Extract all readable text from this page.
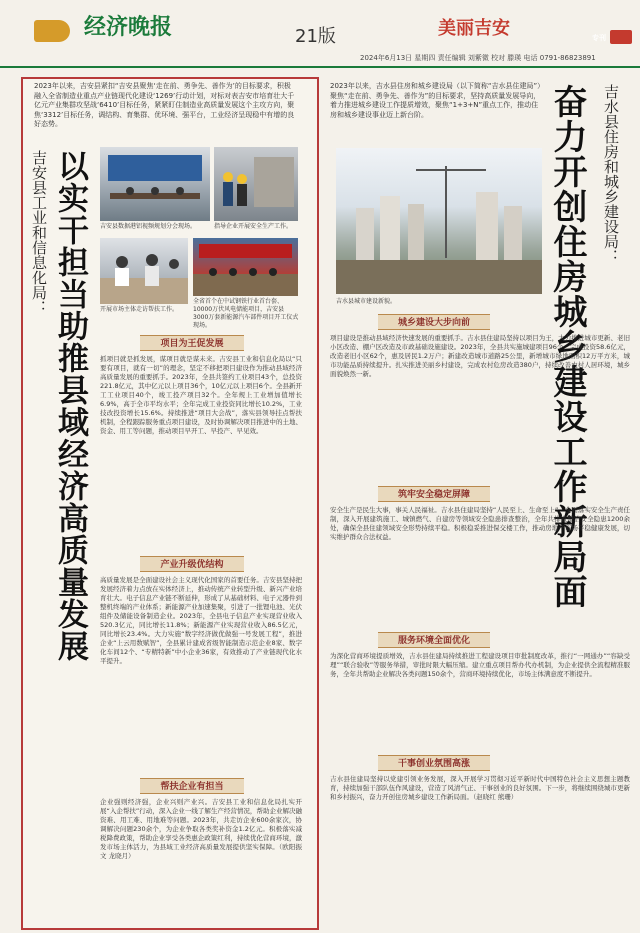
经济晚报	21版	美丽吉安	专刊
2024年6月13日 星期四 责任编辑 刘紫微 校对 滕瑛 电话 0791-86823891
2023年以来，吉安县紧扣“吉安县聚焦‘走在前、勇争先、善作为’的目标要求，积极融入全省制造业重点产业链现代化建设‘1269’行动计划，对标对表吉安市培育壮大千亿元产业集群攻坚战‘6410’目标任务，紧紧盯住制造业高质量发展这个主攻方向，聚焦‘3312’目标任务，调结构、育集群、优环境、强平台，工业经济呈现稳中有增的良好态势。
吉安县数据港铝视频规划分会现场。	指导企业开展安全生产工作。
开展市场主体走访帮扶工作。
全省首个在中试钢铁行业首台套、10000万伏风电储能项目，吉安县3000万套新能源汽车部件项目开工仪式现场。
以实干担当助推县域经济高质量发展
吉安县工业和信息化局：
项目为王促发展
抓项目就是抓发展，谋项目就是谋未来。吉安县工业和信息化局以“只要有项目，就有一切”的理念，坚定不移把项目建设作为推动县域经济高质量发展的重要抓手。2023年，全县共签约工业项目43个，总投资221.8亿元，其中亿元以上项目36个，10亿元以上项目6个。全县新开工工业项目40个，竣工投产项目32个。全年规上工业增加值增长6.9%，高于全市平均水平；全年完成工业投资同比增长10.2%，工业技改投资增长15.6%。持续推进“项目大会战”，落实县领导挂点帮扶机制，全程跟踪服务重点项目建设，及时协调解决项目推进中的土地、资金、用工等问题，推动项目早开工、早投产、早见效。
产业升级优结构
高质量发展是全面建设社会主义现代化国家的首要任务。吉安县坚持把发展经济着力点放在实体经济上，推动传统产业转型升级、新兴产业培育壮大。电子信息产业链不断延伸，形成了从基础材料、电子元器件到整机终端的产业体系；新能源产业加速集聚，引进了一批锂电池、光伏组件及储能设备制造企业。2023年，全县电子信息产业实现营业收入520.3亿元，同比增长11.8%；新能源产业实现营业收入86.5亿元，同比增长23.4%。大力实施“数字经济做优做强一号发展工程”，推进企业“上云用数赋智”，全县累计建成省级智能制造示范企业8家、数字化车间12个、“专精特新”中小企业36家，有效推动了产业链现代化水平提升。
帮扶企业有担当
企业强则经济强，企业兴则产业兴。吉安县工业和信息化局扎实开展“入企帮扶”行动，深入企业一线了解生产经营情况，帮助企业解决融资难、用工难、用地难等问题。2023年，共走访企业600余家次，协调解决问题230余个，为企业争取各类奖补资金1.2亿元。积极落实减税降费政策，帮助企业享受各类惠企政策红利，持续优化营商环境，激发市场主体活力，为县域工业经济高质量发展提供坚实保障。（欧阳振文 龙晓月）
2023年以来，吉水县住房和城乡建设局（以下简称“吉水县住建局”）聚焦“走在前、勇争先、善作为”的目标要求，坚持高质量发展导向，着力推进城乡建设工作提质增效，聚焦“1+3+N”重点工作，推动住房和城乡建设事业迈上新台阶。	吉水县住房和城乡建设局：
奋力开创住房城乡建设工作新局面
吉水县城市建设新貌。
城乡建设大步向前
项目建设是推动县域经济快速发展的重要抓手。吉水县住建局坚持以项目为王，大力推进城市更新、老旧小区改造、棚户区改造及市政基础设施建设。2023年，全县共实施城建项目96个，完成投资58.6亿元，改造老旧小区62个，惠及居民1.2万户；新建改造城市道路25公里，新增城市绿地面积12万平方米，城市功能品质持续提升。扎实推进美丽乡村建设，完成农村危房改造380户，持续改善农村人居环境，城乡面貌焕然一新。
筑牢安全稳定屏障
安全生产是民生大事，事关人民福祉。吉水县住建局坚持“人民至上、生命至上”，全面落实安全生产责任制，深入开展建筑施工、城镇燃气、自建房等领域安全隐患排查整治，全年共排查整治安全隐患1200余处，确保全县住建领域安全形势持续平稳。积极稳妥推进保交楼工作，推动房地产市场平稳健康发展，切实维护群众合法权益。
服务环境全面优化
为深化营商环境提质增效，吉水县住建局持续推进工程建设项目审批制度改革，推行“一网通办”“容缺受理”“联合验收”等服务举措，审批时限大幅压缩。建立重点项目帮办代办机制，为企业提供全流程精准服务，全年共帮助企业解决各类问题150余个，营商环境持续优化，市场主体满意度不断提升。
干事创业氛围高涨
吉水县住建局坚持以党建引领业务发展，深入开展学习贯彻习近平新时代中国特色社会主义思想主题教育，持续加强干部队伍作风建设，营造了风清气正、干事创业的良好氛围。下一步，将继续围绕城市更新和乡村振兴，奋力开创住房城乡建设工作新局面。（赵晓红 熊珊）
